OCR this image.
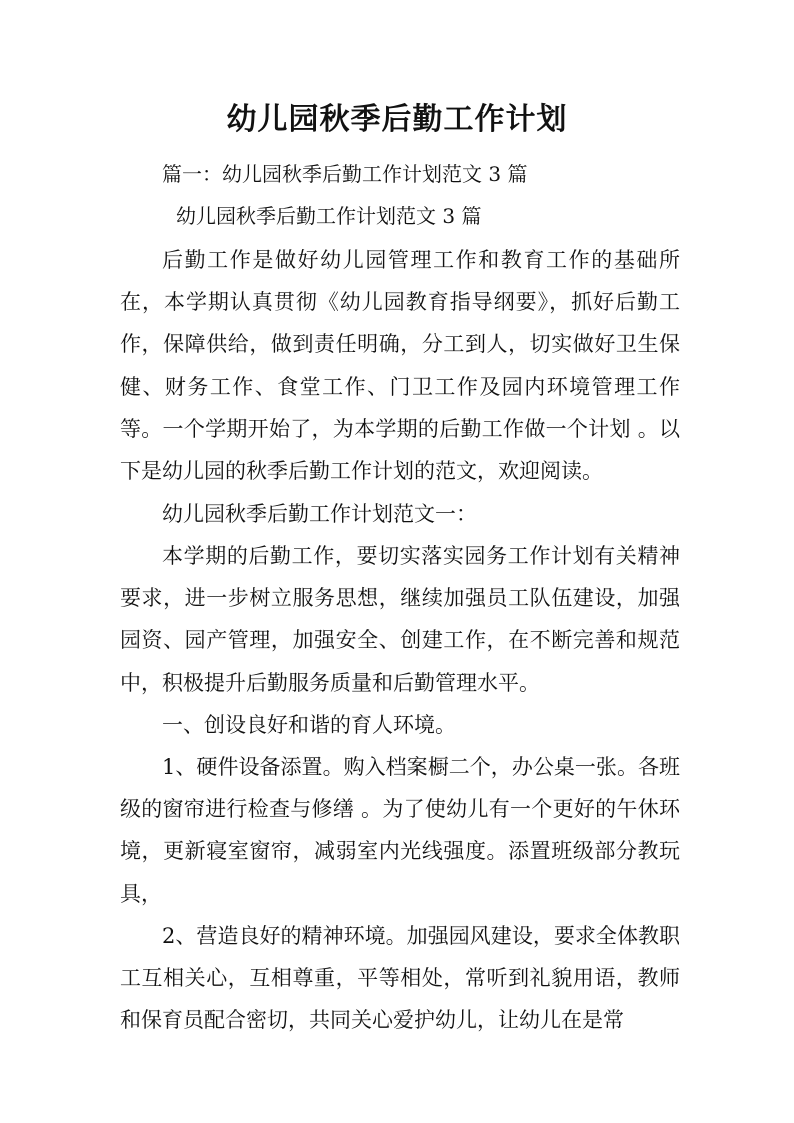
幼儿园秋季后勤工作计划
篇一：幼儿园秋季后勤工作计划范文 3 篇
幼儿园秋季后勤工作计划范文 3 篇

后勤工作是做好幼儿园管理工作和教育工作的基础所在，本学期认真贯彻《幼儿园教育指导纲要》，抓好后勤工作，保障供给，做到责任明确，分工到人，切实做好卫生保健、财务工作、食堂工作、门卫工作及园内环境管理工作等。一个学期开始了，为本学期的后勤工作做一个计划 。以下是幼儿园的秋季后勤工作计划的范文，欢迎阅读。

幼儿园秋季后勤工作计划范文一：

本学期的后勤工作，要切实落实园务工作计划有关精神要求，进一步树立服务思想，继续加强员工队伍建设，加强园资、园产管理，加强安全、创建工作，在不断完善和规范中，积极提升后勤服务质量和后勤管理水平。

一、创设良好和谐的育人环境。

1、硬件设备添置。购入档案橱二个，办公桌一张。各班级的窗帘进行检查与修缮 。为了使幼儿有一个更好的午休环境，更新寝室窗帘，减弱室内光线强度。添置班级部分教玩具，

2、营造良好的精神环境。加强园风建设，要求全体教职工互相关心，互相尊重，平等相处，常听到礼貌用语，教师和保育员配合密切，共同关心爱护幼儿，让幼儿在是常
